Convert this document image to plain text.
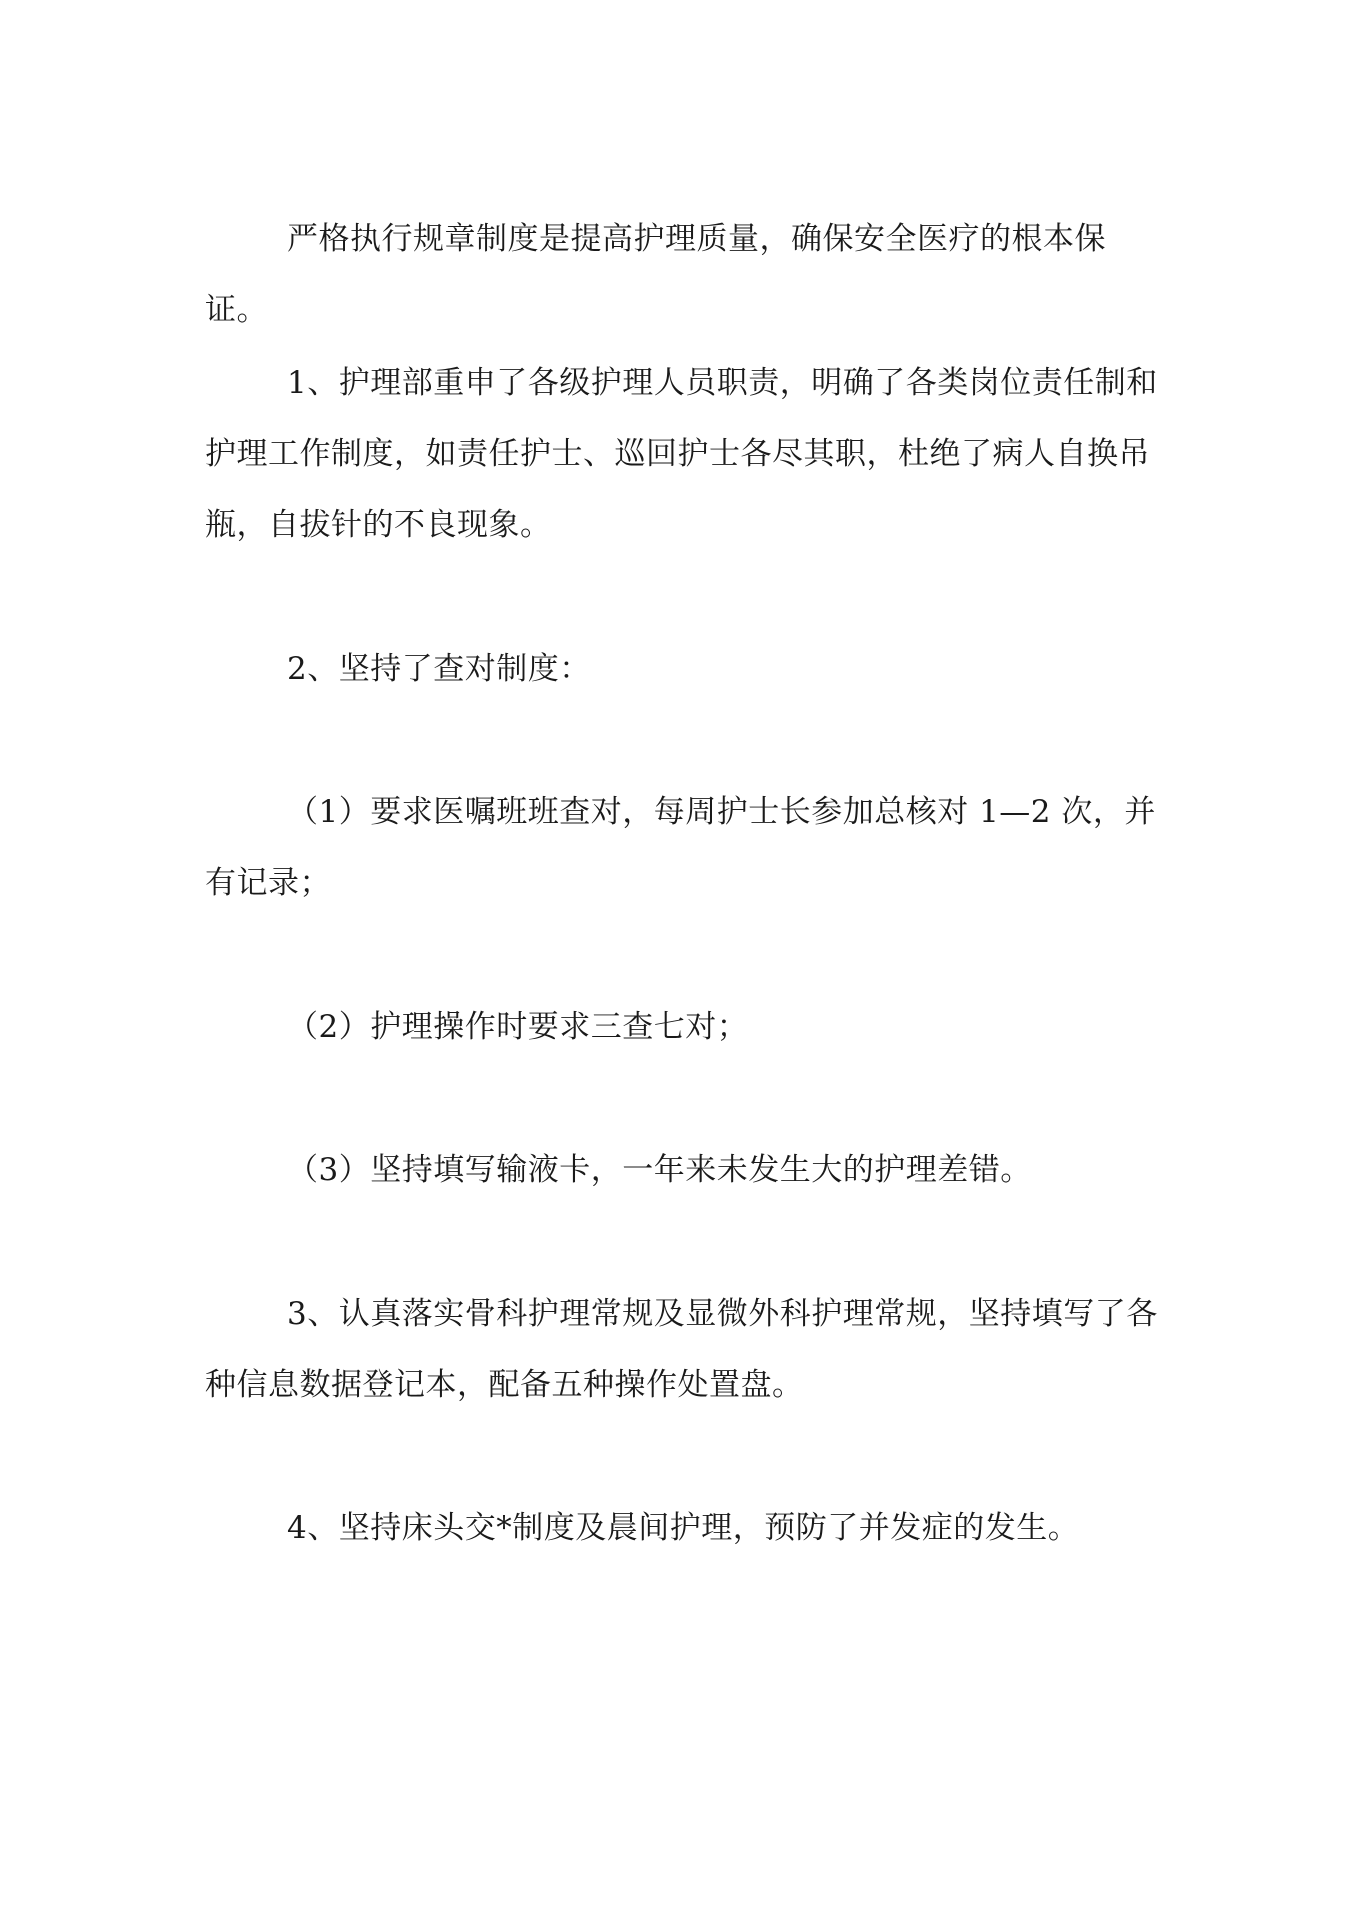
严格执行规章制度是提高护理质量，确保安全医疗的根本保证。

1、护理部重申了各级护理人员职责，明确了各类岗位责任制和护理工作制度，如责任护士、巡回护士各尽其职，杜绝了病人自换吊瓶，自拔针的不良现象。

2、坚持了查对制度：

（1）要求医嘱班班查对，每周护士长参加总核对 1—2 次，并有记录；

（2）护理操作时要求三查七对；

（3）坚持填写输液卡，一年来未发生大的护理差错。

3、认真落实骨科护理常规及显微外科护理常规，坚持填写了各种信息数据登记本，配备五种操作处置盘。

4、坚持床头交*制度及晨间护理，预防了并发症的发生。
